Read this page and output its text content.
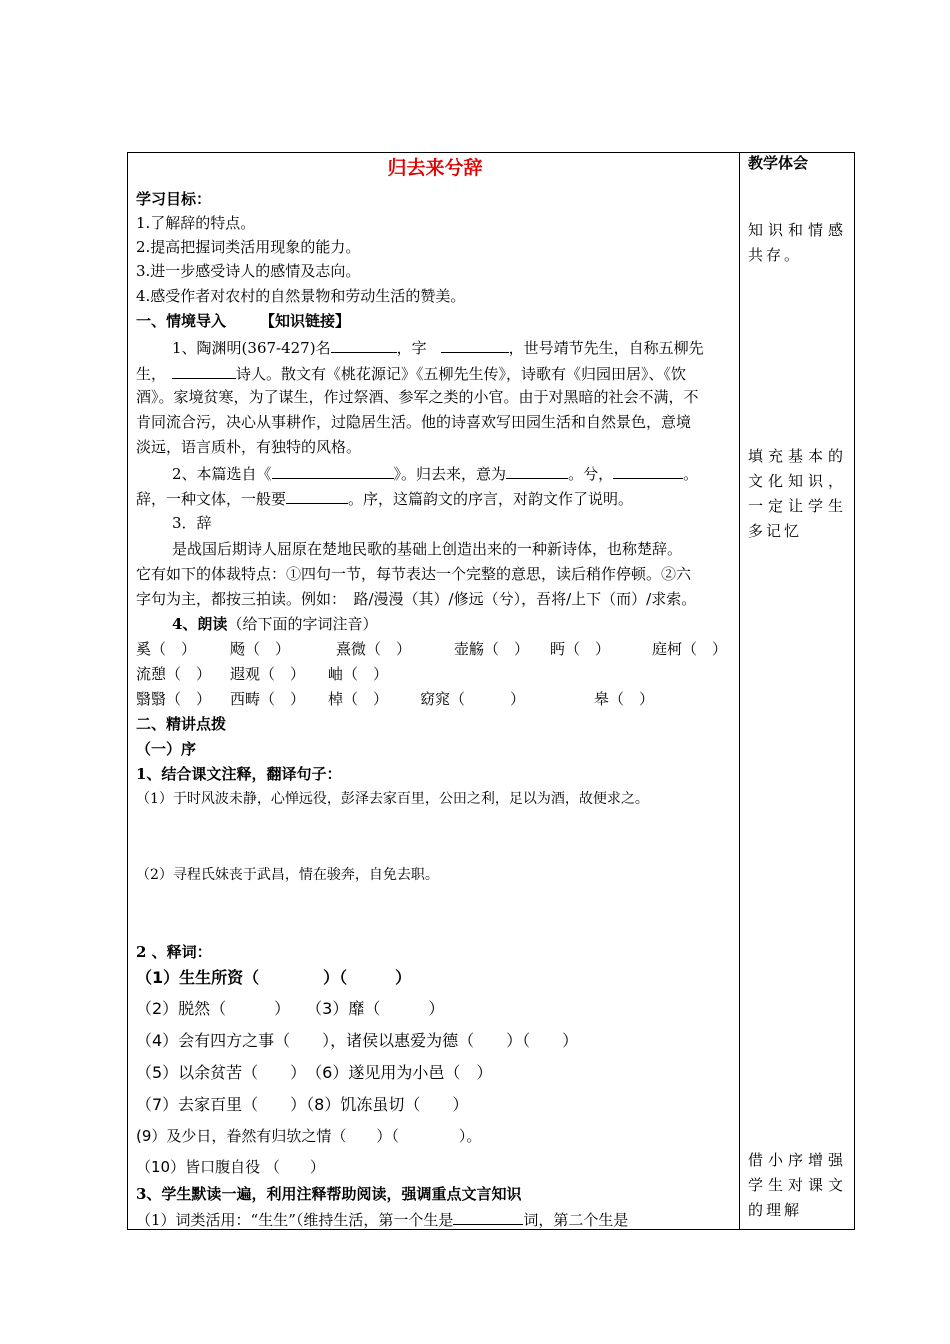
教学体会
知识和情感共存。
填充基本的文化知识，一定让学生多记忆
借小序增强学生对课文的理解
归去来兮辞
学习目标：
1.了解辞的特点。
2.提高把握词类活用现象的能力。
3.进一步感受诗人的感情及志向。
4.感受作者对农村的自然景物和劳动生活的赞美。
一、情境导入 【知识链接】
1、陶渊明(367-427)名	，字	，世号靖节先生，自称五柳先
生，	诗人。散文有《桃花源记》《五柳先生传》，诗歌有《归园田居》、《饮
酒》。家境贫寒，为了谋生，作过祭酒、参军之类的小官。由于对黑暗的社会不满，不
肯同流合污，决心从事耕作，过隐居生活。他的诗喜欢写田园生活和自然景色，意境
淡远，语言质朴，有独特的风格。
2、本篇选自《	》。归去来，意为	。兮，	。
辞，一种文体，一般要	。序，这篇韵文的序言，对韵文作了说明。
3．辞
是战国后期诗人屈原在楚地民歌的基础上创造出来的一种新诗体，也称楚辞。
它有如下的体裁特点：①四句一节，每节表达一个完整的意思，读后稍作停顿。②六
字句为主，都按三拍读。例如：　路/漫漫（其）/修远（兮），吾将/上下（而）/求索。
4、朗读（给下面的字词注音）
奚（　） 飏（　）	熹微（　）	壶觞（　） 眄（　）	庭柯（　）
流憩（　） 遐观（　） 岫（　）
翳翳（　） 西畴（　） 棹（　） 窈窕（　　　）	皋（　）
二、精讲点拨
（一）序
1、结合课文注释，翻译句子：
（1）于时风波未静，心惮远役，彭泽去家百里，公田之利，足以为酒，故便求之。
（2）寻程氏妹丧于武昌，情在骏奔，自免去职。
2 、释词：
（1）生生所资（　　　　）（　　　）
（2）脱然（　　　）　　（3）靡（　　　）
（4）会有四方之事（　　），诸侯以惠爱为德（　　）（　　）
（5）以余贫苦（　　）　（6）遂见用为小邑（　）
（7）去家百里（　　）（8）饥冻虽切（　　）
(9）及少日，眷然有归欤之情（　　）（　　　　）。
（10）皆口腹自役 （　　）
3、学生默读一遍，利用注释帮助阅读，强调重点文言知识
（1）词类活用：“生生”（维持生活，第一个生是	词，第二个生是
